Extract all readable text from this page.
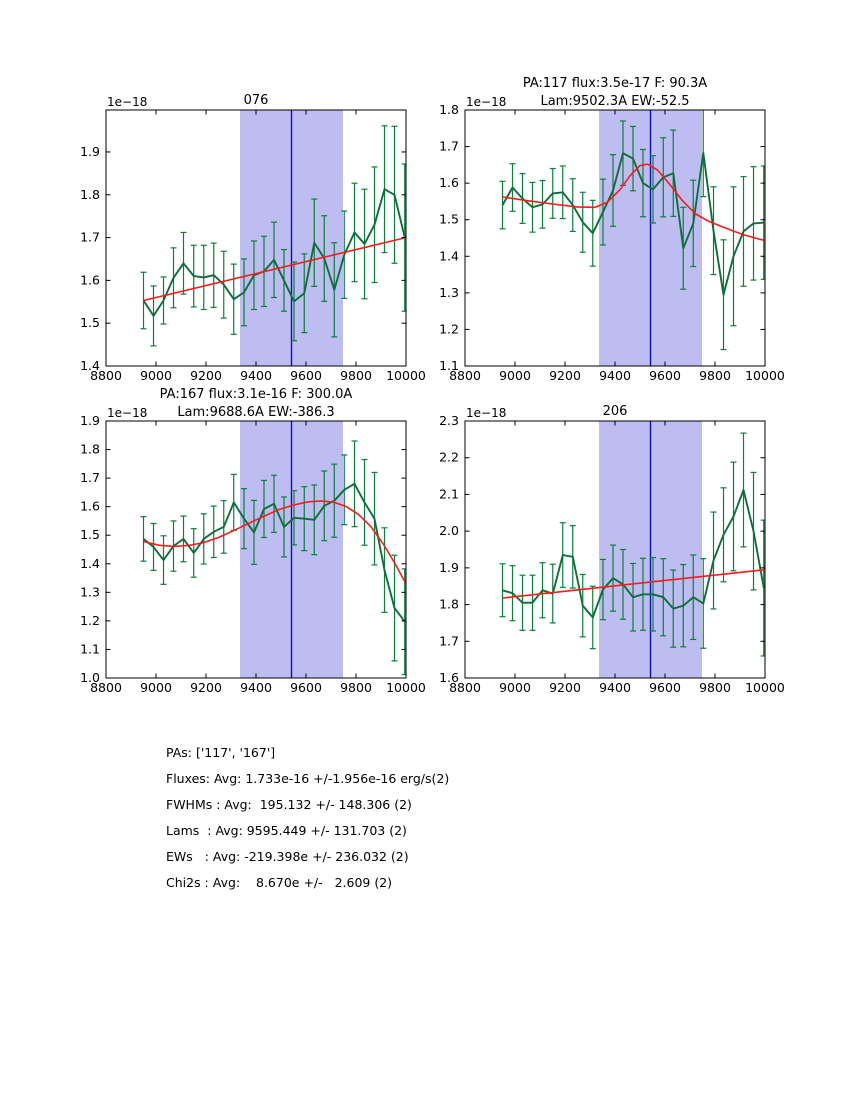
8800 9000 9200 9400 9600 9800 10000
1.4
1.5
1.6
1.7
1.8
1.9
1e−18	076
8800 9000 9200 9400 9600 9800 10000
1.1
1.2
1.3
1.4
1.5
1.6
1.7
1.8 1e−18
PA:117 flux:3.5e-17 F: 90.3A
Lam:9502.3A EW:-52.5
8800 9000 9200 9400 9600 9800 10000
1.0
1.1
1.2
1.3
1.4
1.5
1.6
1.7
1.8
1.9 1e−18
PA:167 flux:3.1e-16 F: 300.0A
Lam:9688.6A EW:-386.3
8800 9000 9200 9400 9600 9800 10000
1.6
1.7
1.8
1.9
2.0
2.1
2.2
2.3 1e−18	206
PAs: ['117', '167']
Fluxes: Avg: 1.733e-16 +/-1.956e-16 erg/s(2)
FWHMs : Avg:  195.132 +/- 148.306 (2)
Lams  : Avg: 9595.449 +/- 131.703 (2)
EWs   : Avg: -219.398e +/- 236.032 (2)
Chi2s : Avg:    8.670e +/-   2.609 (2)
